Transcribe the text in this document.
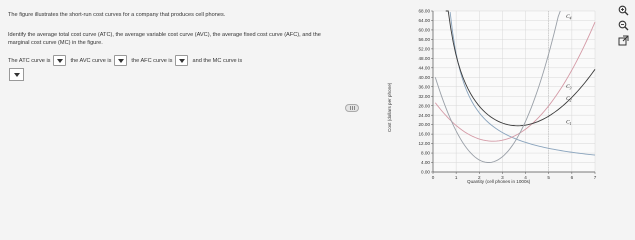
The figure illustrates the short-run cost curves for a company that produces cell phones.
Identify the average total cost curve (ATC), the average variable cost curve (AVC), the average fixed cost curve (AFC), and the marginal cost curve (MC) in the figure.
The ATC curve is	the AVC curve is	the AFC curve is	and the MC curve is
Cost (dollars per phone)
68.00
64.00
60.00
56.00
52.00
48.00
44.00
40.00
36.00
32.00
28.00
24.00
20.00
16.00
12.00
8.00
4.00
0.00
0	1	2	3	4	5	6	7
$C_4$
$C_3$
$C_2$
$C_1$
Quantity (cell phones in 1000s)
